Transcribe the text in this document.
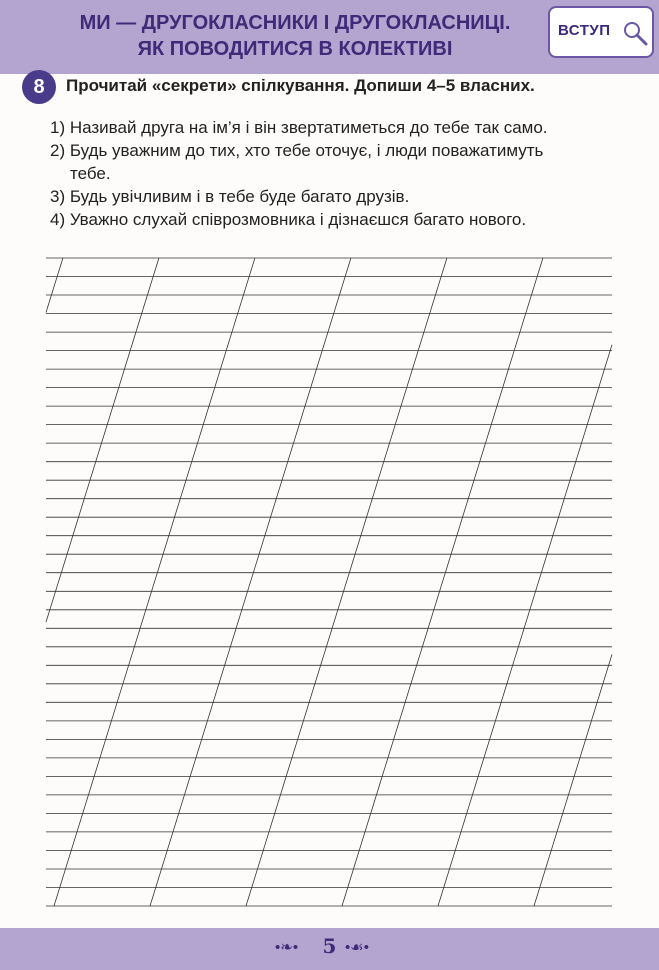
МИ — ДРУГОКЛАСНИКИ І ДРУГОКЛАСНИЦІ.
ЯК ПОВОДИТИСЯ В КОЛЕКТИВІ
ВСТУП
8	Прочитай «секрети» спілкування. Допиши 4–5 власних.
1) Називай друга на ім’я і він звертатиметься до тебе так само.
2) Будь уважним до тих, хто тебе оточує, і люди поважатимуть
тебе.
3) Будь увічливим і в тебе буде багато друзів.
4) Уважно слухай співрозмовника і дізнаєшся багато нового.
•❧•	5 •☙•
